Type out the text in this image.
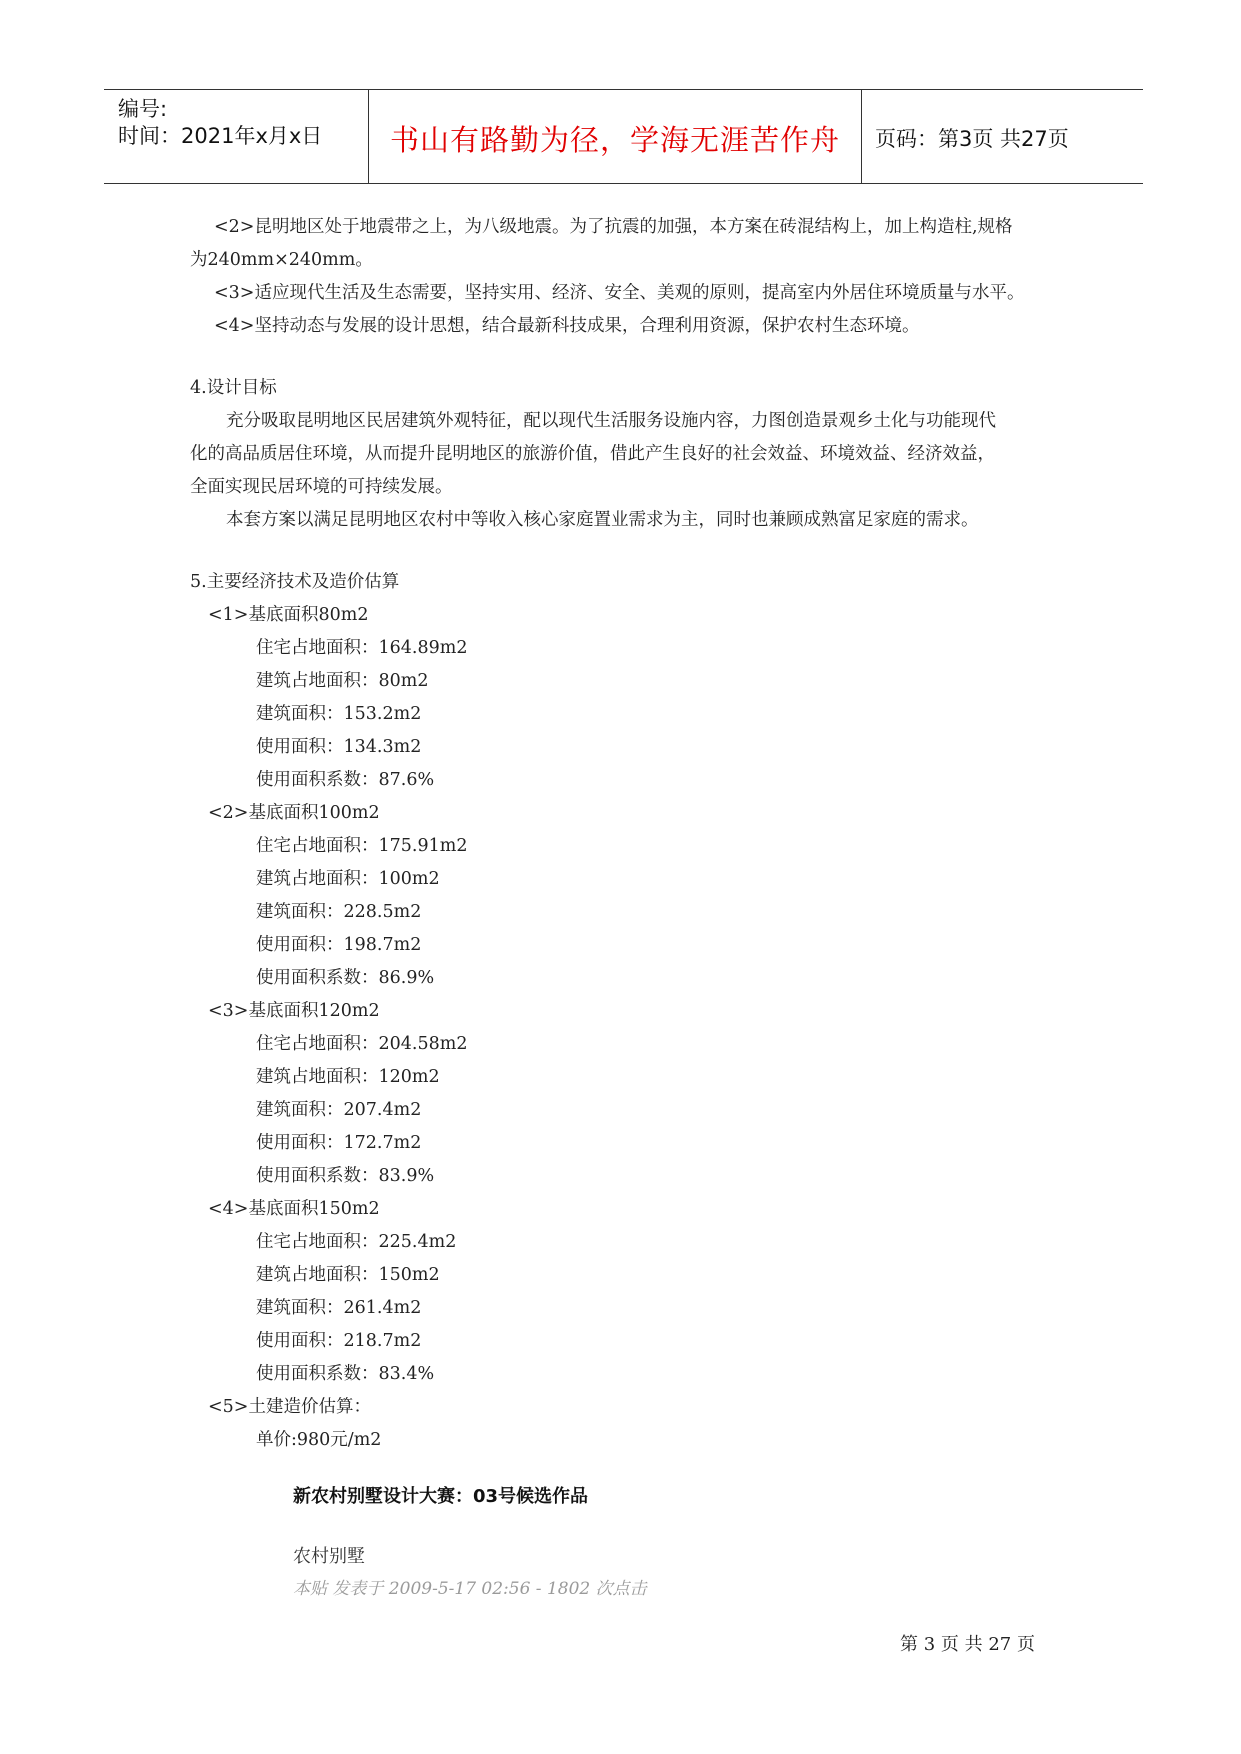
编号:
时间：2021年x月x日	书山有路勤为径，学海无涯苦作舟	页码：第3页 共27页

<2>昆明地区处于地震带之上，为八级地震。为了抗震的加强，本方案在砖混结构上，加上构造柱,规格

为240mm×240mm。

<3>适应现代生活及生态需要，坚持实用、经济、安全、美观的原则，提高室内外居住环境质量与水平。

<4>坚持动态与发展的设计思想，结合最新科技成果，合理利用资源，保护农村生态环境。

4.设计目标

充分吸取昆明地区民居建筑外观特征，配以现代生活服务设施内容，力图创造景观乡土化与功能现代

化的高品质居住环境，从而提升昆明地区的旅游价值，借此产生良好的社会效益、环境效益、经济效益，

全面实现民居环境的可持续发展。

本套方案以满足昆明地区农村中等收入核心家庭置业需求为主，同时也兼顾成熟富足家庭的需求。

5.主要经济技术及造价估算

<1>基底面积80m2

住宅占地面积：164.89m2

建筑占地面积：80m2

建筑面积：153.2m2

使用面积：134.3m2

使用面积系数：87.6%

<2>基底面积100m2

住宅占地面积：175.91m2

建筑占地面积：100m2

建筑面积：228.5m2

使用面积：198.7m2

使用面积系数：86.9%

<3>基底面积120m2

住宅占地面积：204.58m2

建筑占地面积：120m2

建筑面积：207.4m2

使用面积：172.7m2

使用面积系数：83.9%

<4>基底面积150m2

住宅占地面积：225.4m2

建筑占地面积：150m2

建筑面积：261.4m2

使用面积：218.7m2

使用面积系数：83.4%

<5>土建造价估算：

单价:980元/m2

新农村别墅设计大赛：03号候选作品
农村别墅
本贴 发表于 2009-5-17 02:56 - 1802 次点击
第 3 页 共 27 页
